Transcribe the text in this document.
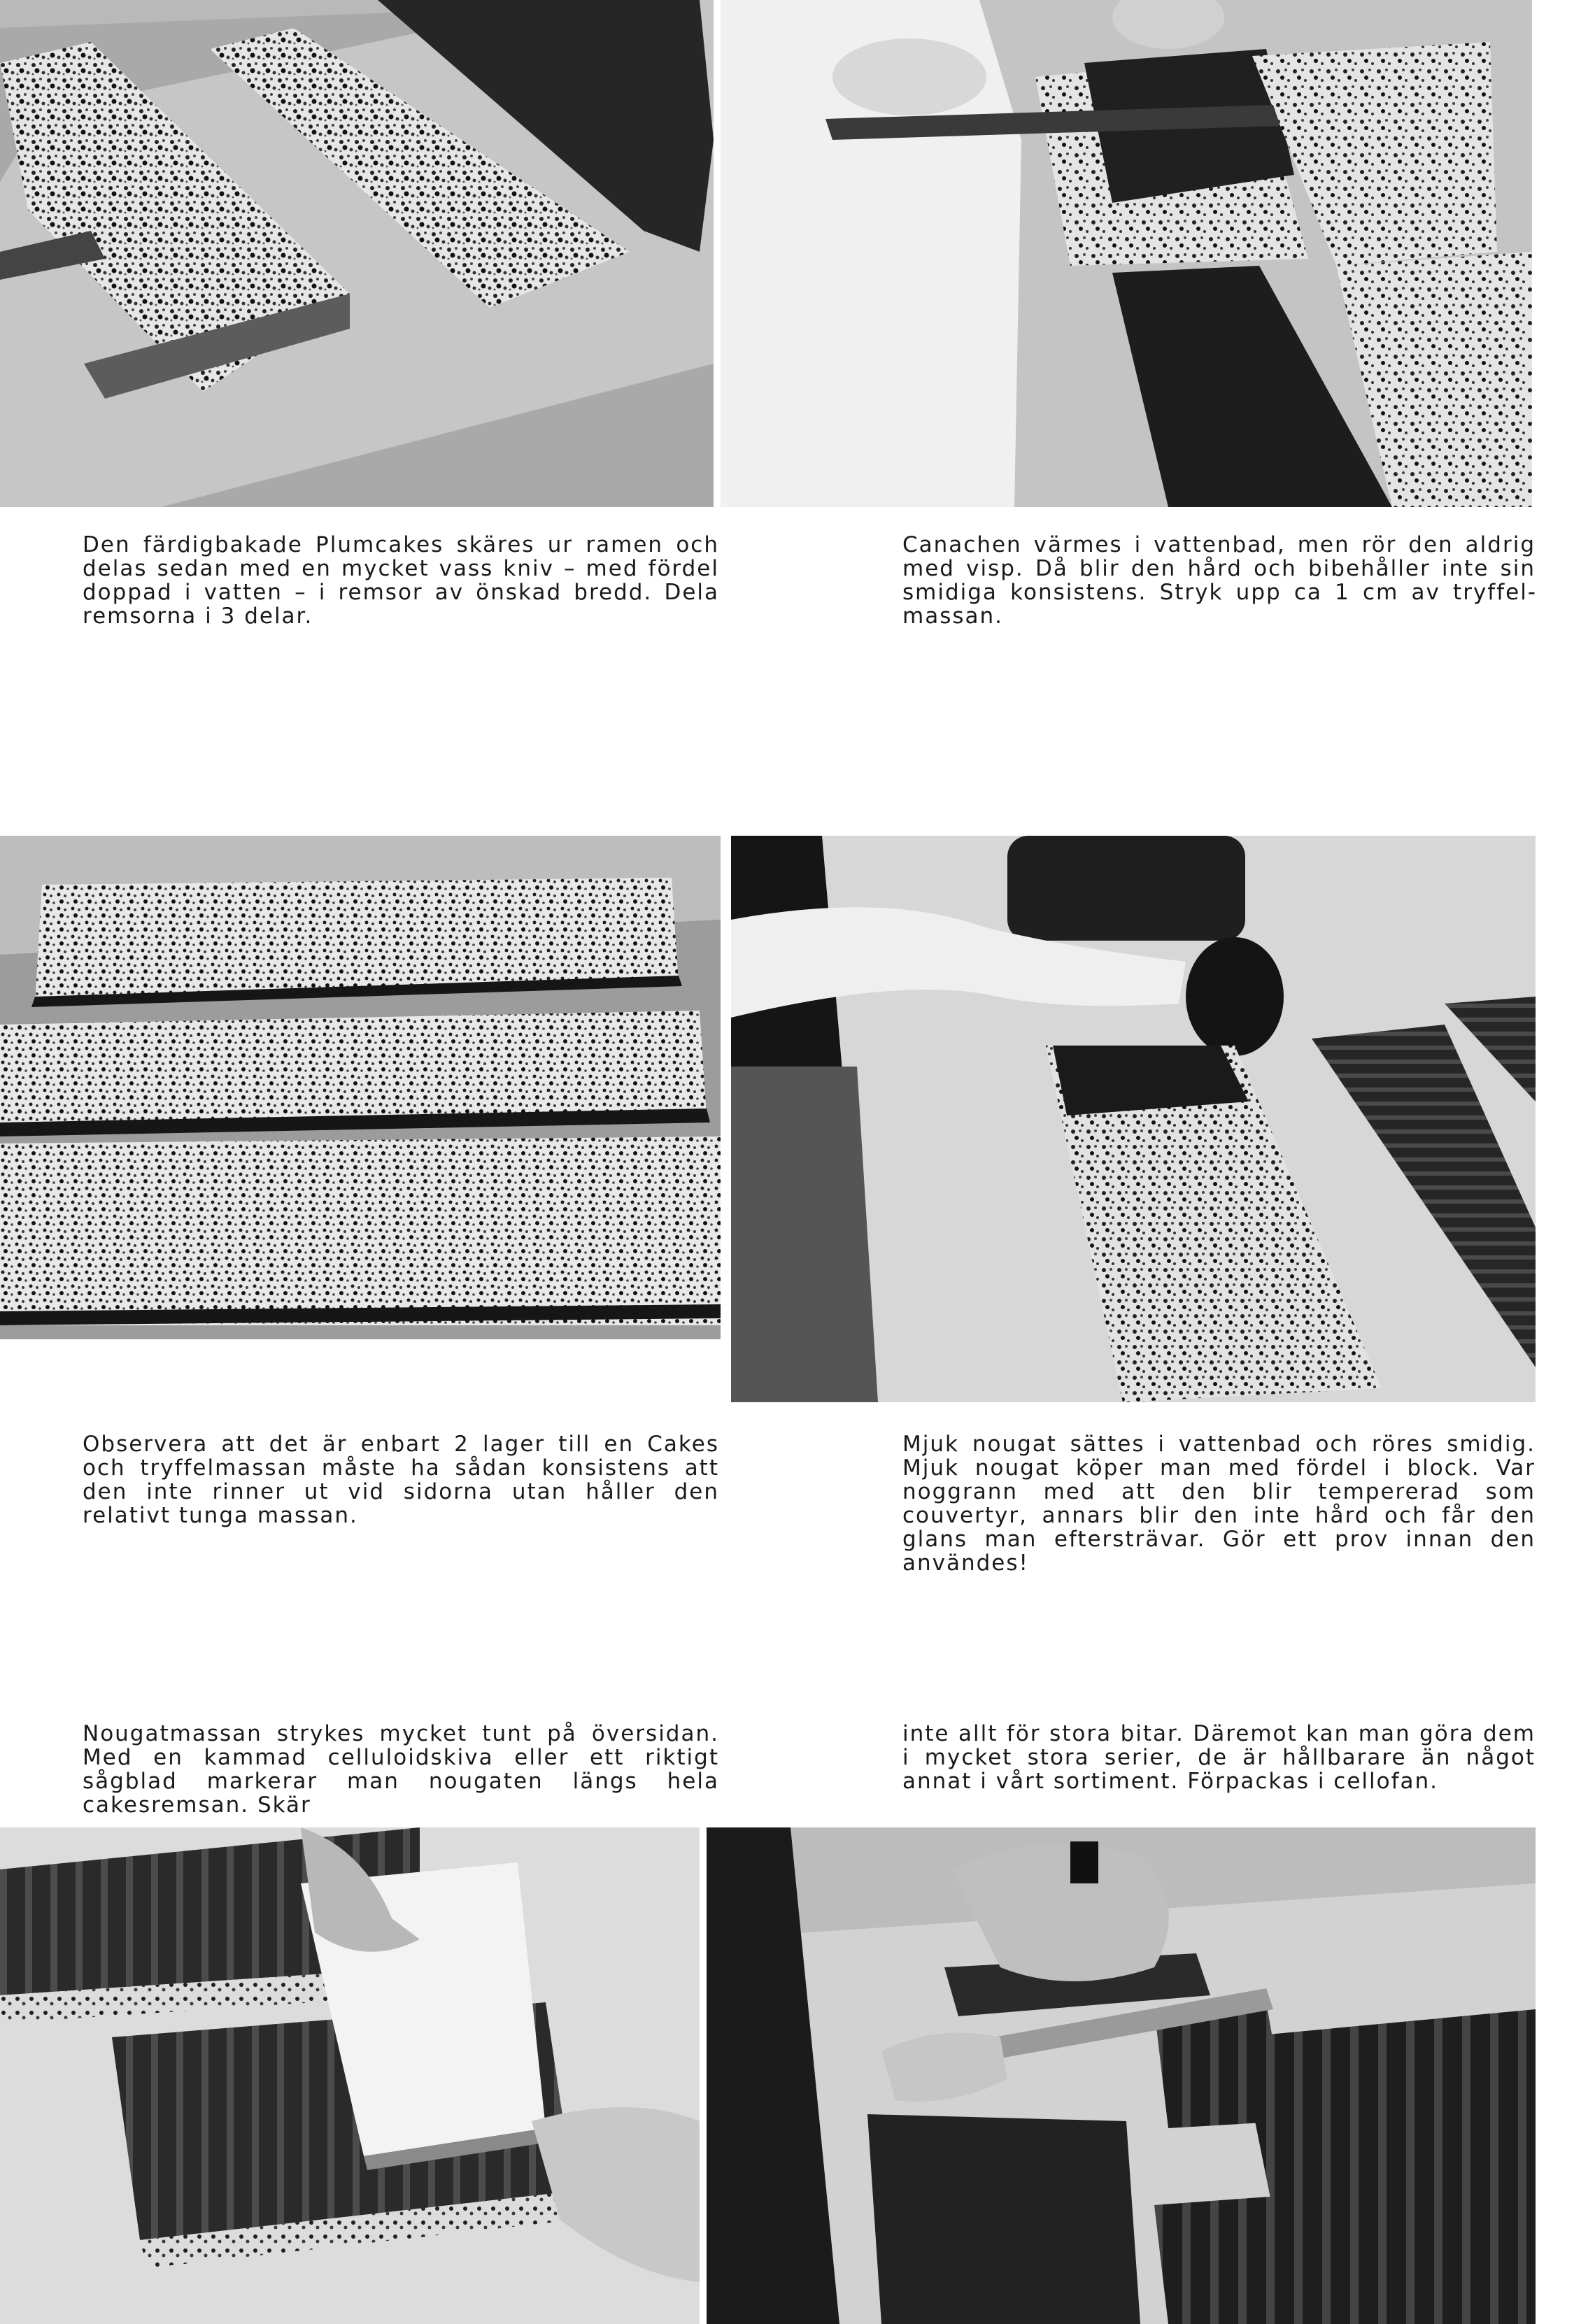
Den färdigbakade Plumcakes skäres ur ramen och delas sedan med en mycket vass kniv – med fördel doppad i vatten – i remsor av önskad bredd. Dela remsorna i 3 delar.
Canachen värmes i vattenbad, men rör den aldrig med visp. Då blir den hård och bibehåller inte sin smidiga konsistens. Stryk upp ca 1 cm av tryffelmassan.
Observera att det är enbart 2 lager till en Cakes och tryffelmassan måste ha sådan konsistens att den inte rinner ut vid sidorna utan håller den relativt tunga massan.
Mjuk nougat sättes i vattenbad och röres smidig. Mjuk nougat köper man med fördel i block. Var noggrann med att den blir tempererad som couvertyr, annars blir den inte hård och får den glans man eftersträvar. Gör ett prov innan den användes!
Nougatmassan strykes mycket tunt på översidan. Med en kammad celluloidskiva eller ett riktigt sågblad markerar man nougaten längs hela cakesremsan. Skär
inte allt för stora bitar. Däremot kan man göra dem i mycket stora serier, de är hållbarare än något annat i vårt sortiment. Förpackas i cellofan.
